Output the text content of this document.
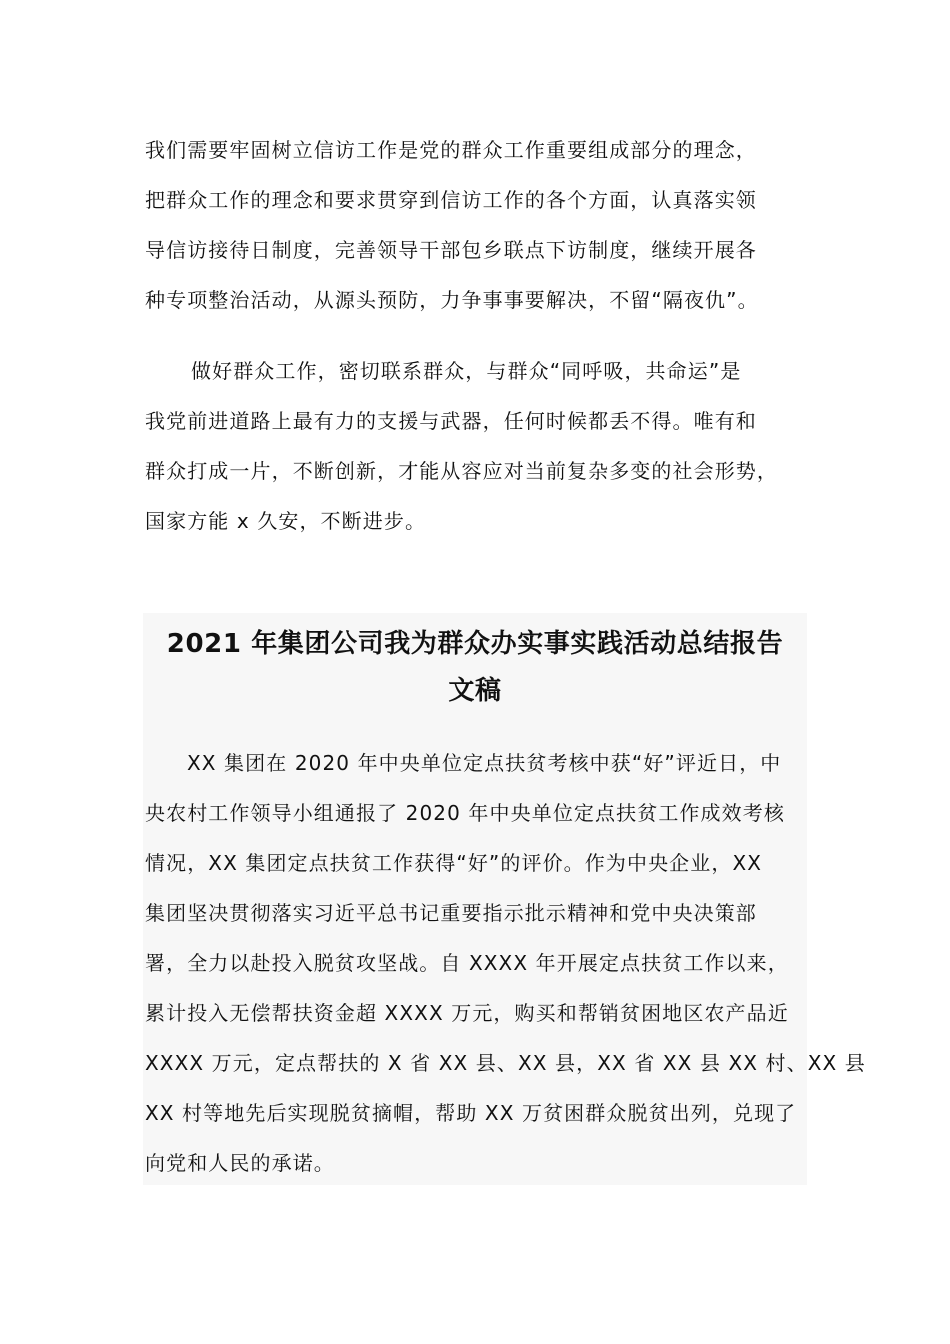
我们需要牢固树立信访工作是党的群众工作重要组成部分的理念，
把群众工作的理念和要求贯穿到信访工作的各个方面，认真落实领
导信访接待日制度，完善领导干部包乡联点下访制度，继续开展各
种专项整治活动，从源头预防，力争事事要解决，不留“隔夜仇”。
做好群众工作，密切联系群众，与群众“同呼吸，共命运”是
我党前进道路上最有力的支援与武器，任何时候都丢不得。唯有和
群众打成一片，不断创新，才能从容应对当前复杂多变的社会形势，
国家方能 x 久安，不断进步。
2021 年集团公司我为群众办实事实践活动总结报告
文稿
XX 集团在 2020 年中央单位定点扶贫考核中获“好”评近日，中
央农村工作领导小组通报了 2020 年中央单位定点扶贫工作成效考核
情况，XX 集团定点扶贫工作获得“好”的评价。作为中央企业，XX
集团坚决贯彻落实习近平总书记重要指示批示精神和党中央决策部
署，全力以赴投入脱贫攻坚战。自 XXXX 年开展定点扶贫工作以来，
累计投入无偿帮扶资金超 XXXX 万元，购买和帮销贫困地区农产品近
XXXX 万元，定点帮扶的 X 省 XX 县、XX 县，XX 省 XX 县 XX 村、XX 县
XX 村等地先后实现脱贫摘帽，帮助 XX 万贫困群众脱贫出列，兑现了
向党和人民的承诺。
